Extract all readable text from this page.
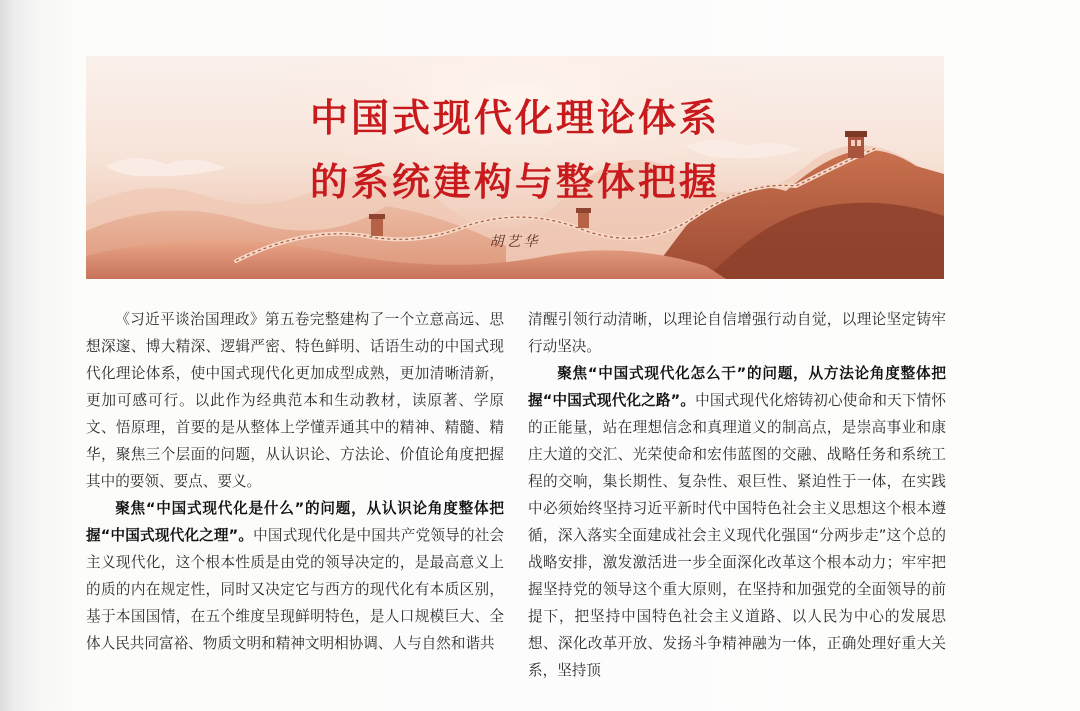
中国式现代化理论体系
的系统建构与整体把握
胡艺华

《习近平谈治国理政》第五卷完整建构了一个立意高远、思想深邃、博大精深、逻辑严密、特色鲜明、话语生动的中国式现代化理论体系，使中国式现代化更加成型成熟，更加清晰清新，更加可感可行。以此作为经典范本和生动教材，读原著、学原文、悟原理，首要的是从整体上学懂弄通其中的精神、精髓、精华，聚焦三个层面的问题，从认识论、方法论、价值论角度把握其中的要领、要点、要义。

聚焦“中国式现代化是什么”的问题，从认识论角度整体把握“中国式现代化之理”。中国式现代化是中国共产党领导的社会主义现代化，这个根本性质是由党的领导决定的，是最高意义上的质的内在规定性，同时又决定它与西方的现代化有本质区别，基于本国国情，在五个维度呈现鲜明特色，是人口规模巨大、全体人民共同富裕、物质文明和精神文明相协调、人与自然和谐共

清醒引领行动清晰，以理论自信增强行动自觉，以理论坚定铸牢行动坚决。

聚焦“中国式现代化怎么干”的问题，从方法论角度整体把握“中国式现代化之路”。中国式现代化熔铸初心使命和天下情怀的正能量，站在理想信念和真理道义的制高点，是崇高事业和康庄大道的交汇、光荣使命和宏伟蓝图的交融、战略任务和系统工程的交响，集长期性、复杂性、艰巨性、紧迫性于一体，在实践中必须始终坚持习近平新时代中国特色社会主义思想这个根本遵循，深入落实全面建成社会主义现代化强国“分两步走”这个总的战略安排，激发激活进一步全面深化改革这个根本动力；牢牢把握坚持党的领导这个重大原则，在坚持和加强党的全面领导的前提下，把坚持中国特色社会主义道路、以人民为中心的发展思想、深化改革开放、发扬斗争精神融为一体，正确处理好重大关系，坚持顶
